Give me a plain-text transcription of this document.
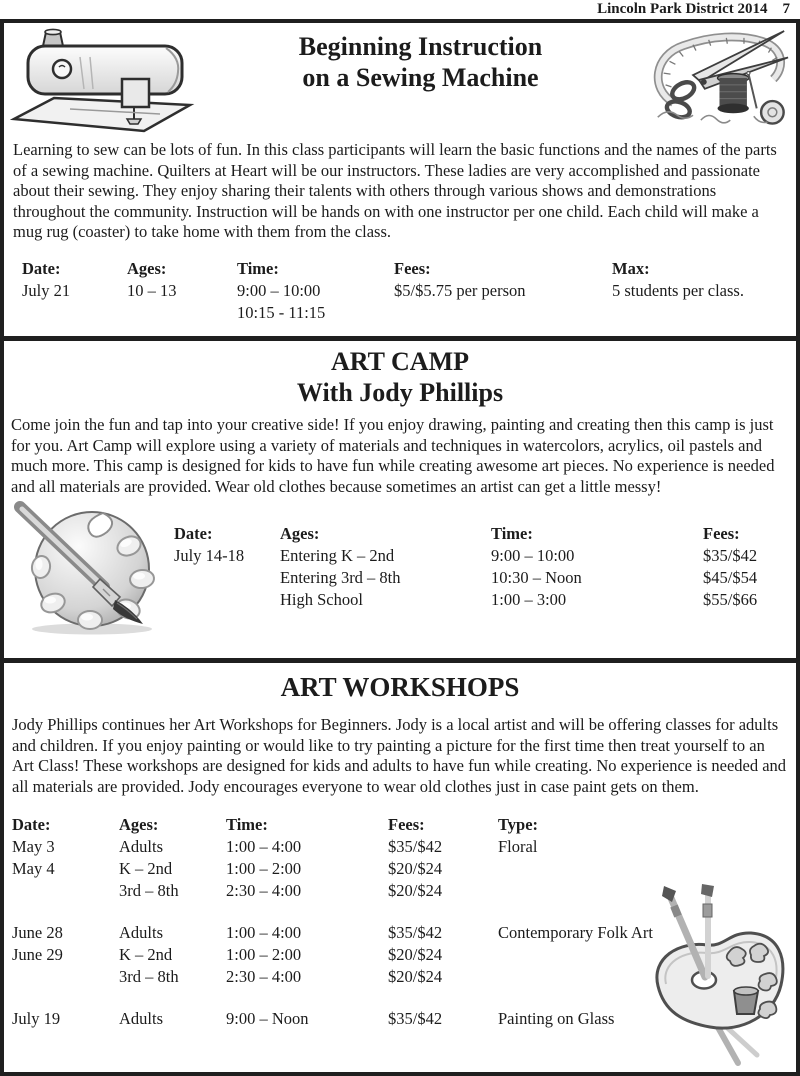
Lincoln Park District 2014 7
Beginning Instruction
on a Sewing Machine
Learning to sew can be lots of fun. In this class participants will learn the basic functions and the names of the parts of a sewing machine. Quilters at Heart will be our instructors. These ladies are very accomplished and passionate about their sewing. They enjoy sharing their talents with others through various shows and demonstrations throughout the community. Instruction will be hands on with one instructor per one child. Each child will make a mug rug (coaster) to take home with them from the class.
Date:	Ages:	Time:	Fees:	Max:
July 21	10 – 13	9:00 – 10:00	$5/$5.75 per person	5 students per class.
10:15 - 11:15
ART CAMP
With Jody Phillips
Come join the fun and tap into your creative side! If you enjoy drawing, painting and creating then this camp is just for you. Art Camp will explore using a variety of materials and techniques in watercolors, acrylics, oil pastels and much more. This camp is designed for kids to have fun while creating awesome art pieces. No experience is needed and all materials are provided. Wear old clothes because sometimes an artist can get a little messy!
Date:	Ages:	Time:	Fees:
July 14-18	Entering K – 2nd	9:00 – 10:00	$35/$42
Entering 3rd – 8th	10:30 – Noon	$45/$54
High School	1:00 – 3:00	$55/$66
ART WORKSHOPS
Jody Phillips continues her Art Workshops for Beginners. Jody is a local artist and will be offering classes for adults and children. If you enjoy painting or would like to try painting a picture for the first time then treat yourself to an Art Class! These workshops are designed for kids and adults to have fun while creating. No experience is needed and all materials are provided. Jody encourages everyone to wear old clothes just in case paint gets on them.
Date:	Ages:	Time:	Fees:	Type:
May 3	Adults	1:00 – 4:00	$35/$42	Floral
May 4	K – 2nd	1:00 – 2:00	$20/$24
3rd – 8th	2:30 – 4:00	$20/$24
June 28	Adults	1:00 – 4:00	$35/$42	Contemporary Folk Art
June 29	K – 2nd	1:00 – 2:00	$20/$24
3rd – 8th	2:30 – 4:00	$20/$24
July 19	Adults	9:00 – Noon	$35/$42	Painting on Glass
